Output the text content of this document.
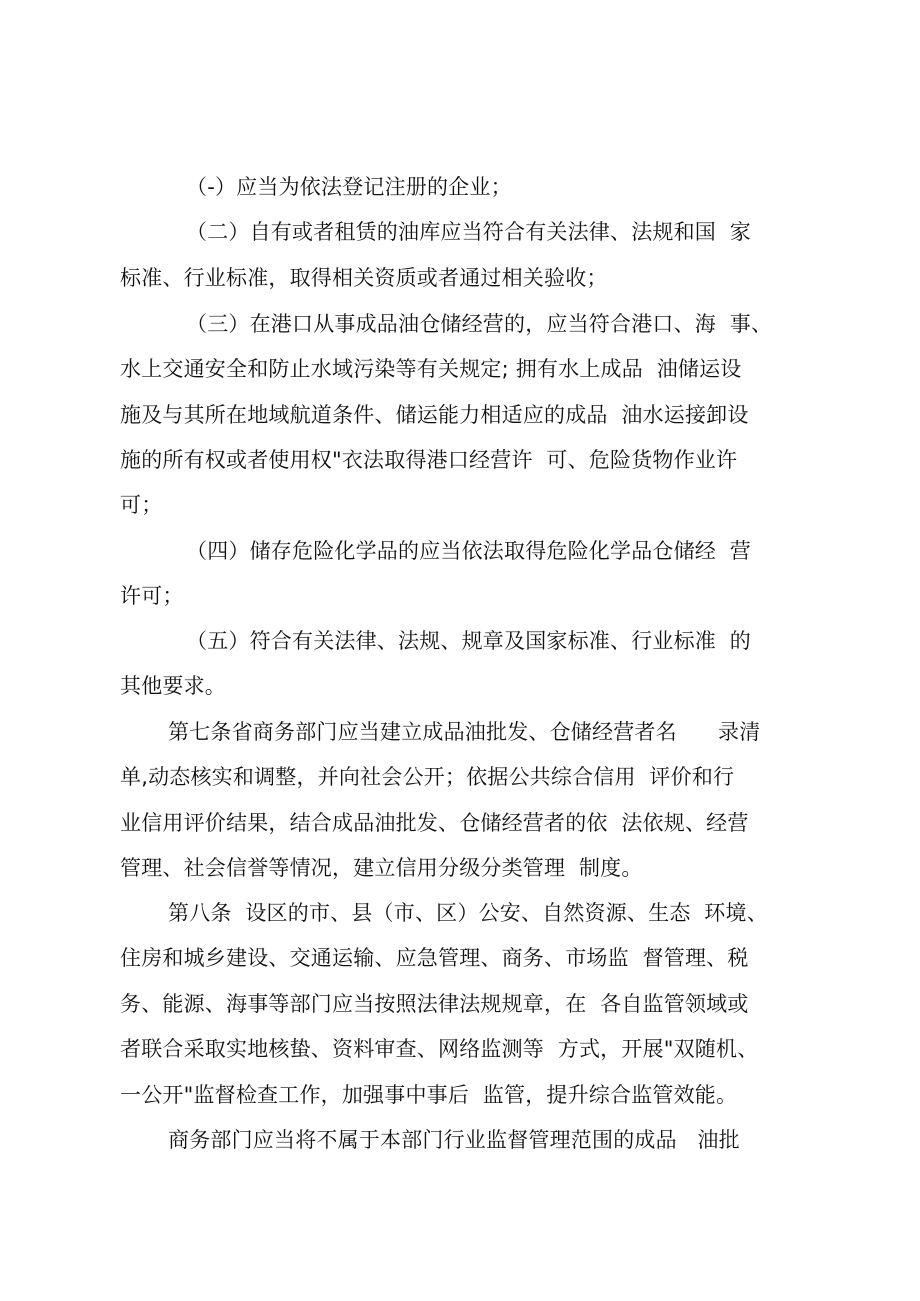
（-）应当为依法登记注册的企业；
（二）自有或者租赁的油库应当符合有关法律、法规和国  家
标准、行业标准，取得相关资质或者通过相关验收；
（三）在港口从事成品油仓储经营的，应当符合港口、海  事、
水上交通安全和防止水域污染等有关规定; 拥有水上成品  油储运设
施及与其所在地域航道条件、储运能力相适应的成品  油水运接卸设
施的所有权或者使用权"衣法取得港口经营许  可、危险货物作业许
可；
（四）储存危险化学品的应当依法取得危险化学品仓储经  营
许可；
（五）符合有关法律、法规、规章及国家标准、行业标准  的
其他要求。
第七条省商务部门应当建立成品油批发、仓储经营者名      录清
单,动态核实和调整，并向社会公开；依据公共综合信用  评价和行
业信用评价结果，结合成品油批发、仓储经营者的依  法依规、经营
管理、社会信誉等情况，建立信用分级分类管理  制度。
第八条  设区的市、县（市、区）公安、自然资源、生态  环境、
住房和城乡建设、交通运输、应急管理、商务、市场监  督管理、税
务、能源、海事等部门应当按照法律法规规章，在  各自监管领域或
者联合采取实地核蛰、资料审查、网络监测等  方式，开展"双随机、
一公开"监督检查工作，加强事中事后  监管，提升综合监管效能。
商务部门应当将不属于本部门行业监督管理范围的成品   油批
